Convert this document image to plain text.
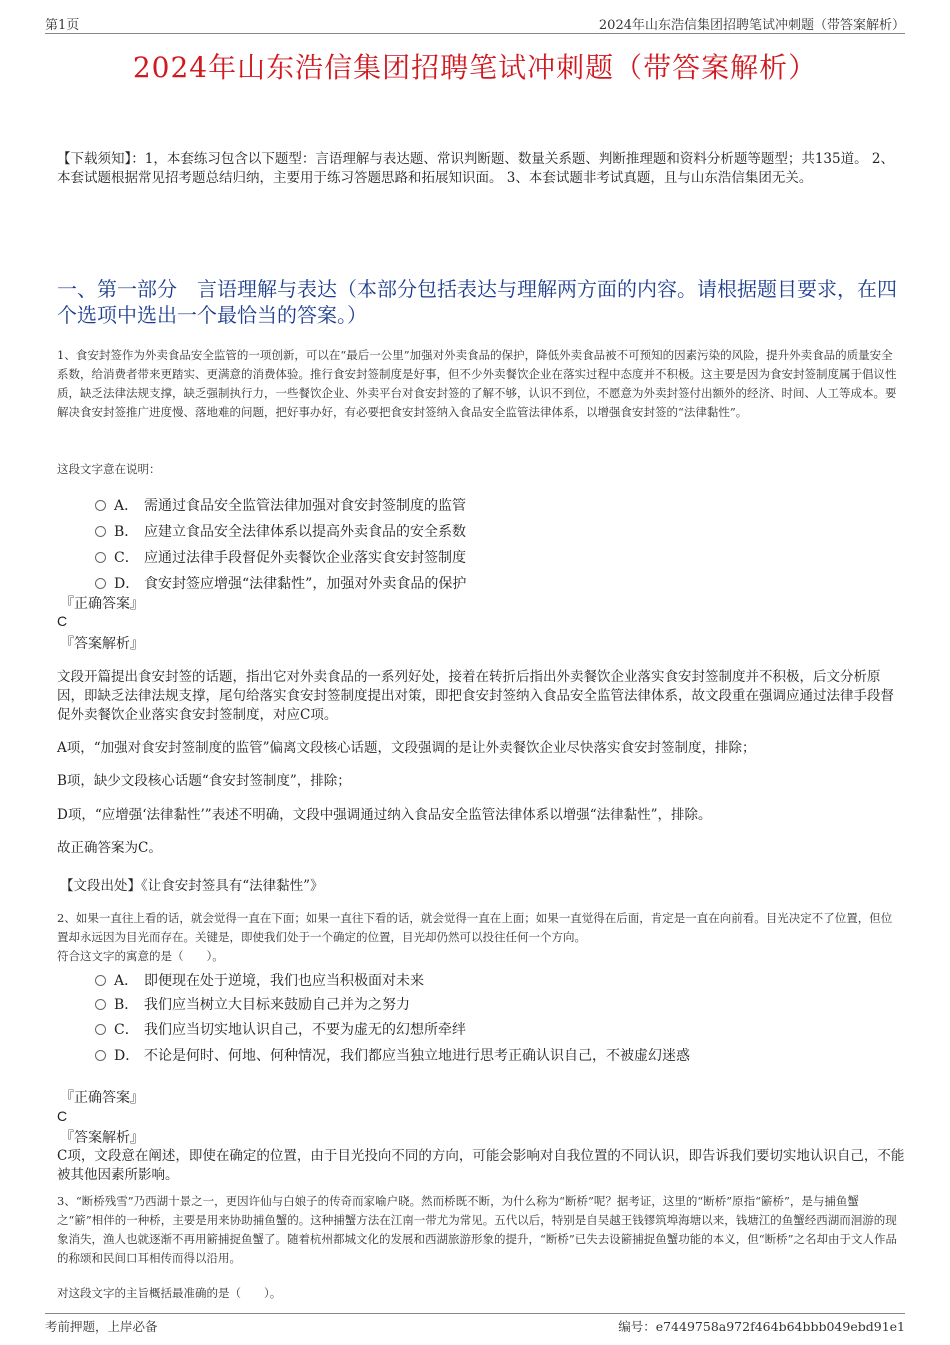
第1页	2024年山东浩信集团招聘笔试冲刺题（带答案解析）
2024年山东浩信集团招聘笔试冲刺题（带答案解析）
【下载须知】：1，本套练习包含以下题型：言语理解与表达题、常识判断题、数量关系题、判断推理题和资料分析题等题型；共135道。 2、本套试题根据常见招考题总结归纳，主要用于练习答题思路和拓展知识面。 3、本套试题非考试真题，且与山东浩信集团无关。
一、第一部分　言语理解与表达（本部分包括表达与理解两方面的内容。请根据题目要求，在四个选项中选出一个最恰当的答案。）
1、食安封签作为外卖食品安全监管的一项创新，可以在“最后一公里”加强对外卖食品的保护，降低外卖食品被不可预知的因素污染的风险，提升外卖食品的质量安全系数，给消费者带来更踏实、更满意的消费体验。推行食安封签制度是好事，但不少外卖餐饮企业在落实过程中态度并不积极。这主要是因为食安封签制度属于倡议性质，缺乏法律法规支撑，缺乏强制执行力，一些餐饮企业、外卖平台对食安封签的了解不够，认识不到位，不愿意为外卖封签付出额外的经济、时间、人工等成本。要解决食安封签推广进度慢、落地难的问题，把好事办好，有必要把食安封签纳入食品安全监管法律体系，以增强食安封签的“法律黏性”。
这段文字意在说明：
A． 需通过食品安全监管法律加强对食安封签制度的监管
B． 应建立食品安全法律体系以提高外卖食品的安全系数
C． 应通过法律手段督促外卖餐饮企业落实食安封签制度
D． 食安封签应增强“法律黏性”，加强对外卖食品的保护
『正确答案』
C
『答案解析』
文段开篇提出食安封签的话题，指出它对外卖食品的一系列好处，接着在转折后指出外卖餐饮企业落实食安封签制度并不积极，后文分析原因，即缺乏法律法规支撑，尾句给落实食安封签制度提出对策，即把食安封签纳入食品安全监管法律体系，故文段重在强调应通过法律手段督促外卖餐饮企业落实食安封签制度，对应C项。
A项，“加强对食安封签制度的监管”偏离文段核心话题，文段强调的是让外卖餐饮企业尽快落实食安封签制度，排除；
B项，缺少文段核心话题“食安封签制度”，排除；
D项，“应增强‘法律黏性’”表述不明确，文段中强调通过纳入食品安全监管法律体系以增强“法律黏性”，排除。
故正确答案为C。
【文段出处】《让食安封签具有“法律黏性”》
2、如果一直往上看的话，就会觉得一直在下面；如果一直往下看的话，就会觉得一直在上面；如果一直觉得在后面，肯定是一直在向前看。目光决定不了位置，但位置却永远因为目光而存在。关键是，即使我们处于一个确定的位置，目光却仍然可以投往任何一个方向。
符合这文字的寓意的是（　　）。
A． 即便现在处于逆境，我们也应当积极面对未来
B． 我们应当树立大目标来鼓励自己并为之努力
C． 我们应当切实地认识自己，不要为虚无的幻想所牵绊
D． 不论是何时、何地、何种情况，我们都应当独立地进行思考正确认识自己，不被虚幻迷惑
『正确答案』
C
『答案解析』
C项，文段意在阐述，即使在确定的位置，由于目光投向不同的方向，可能会影响对自我位置的不同认识，即告诉我们要切实地认识自己，不能被其他因素所影响。
3、“断桥残雪”乃西湖十景之一，更因许仙与白娘子的传奇而家喻户晓。然而桥既不断，为什么称为“断桥”呢？据考证，这里的“断桥”原指“簖桥”，是与捕鱼蟹之“簖”相伴的一种桥，主要是用来协助捕鱼蟹的。这种捕蟹方法在江南一带尤为常见。五代以后，特别是自吴越王钱镠筑埠海塘以来，钱塘江的鱼蟹经西湖而洄游的现象消失，渔人也就逐渐不再用簖捕捉鱼蟹了。随着杭州都城文化的发展和西湖旅游形象的提升，“断桥”已失去设簖捕捉鱼蟹功能的本义，但“断桥”之名却由于文人作品的称颂和民间口耳相传而得以沿用。
对这段文字的主旨概括最准确的是（　　）。
考前押题，上岸必备	编号：e7449758a972f464b64bbb049ebd91e1
